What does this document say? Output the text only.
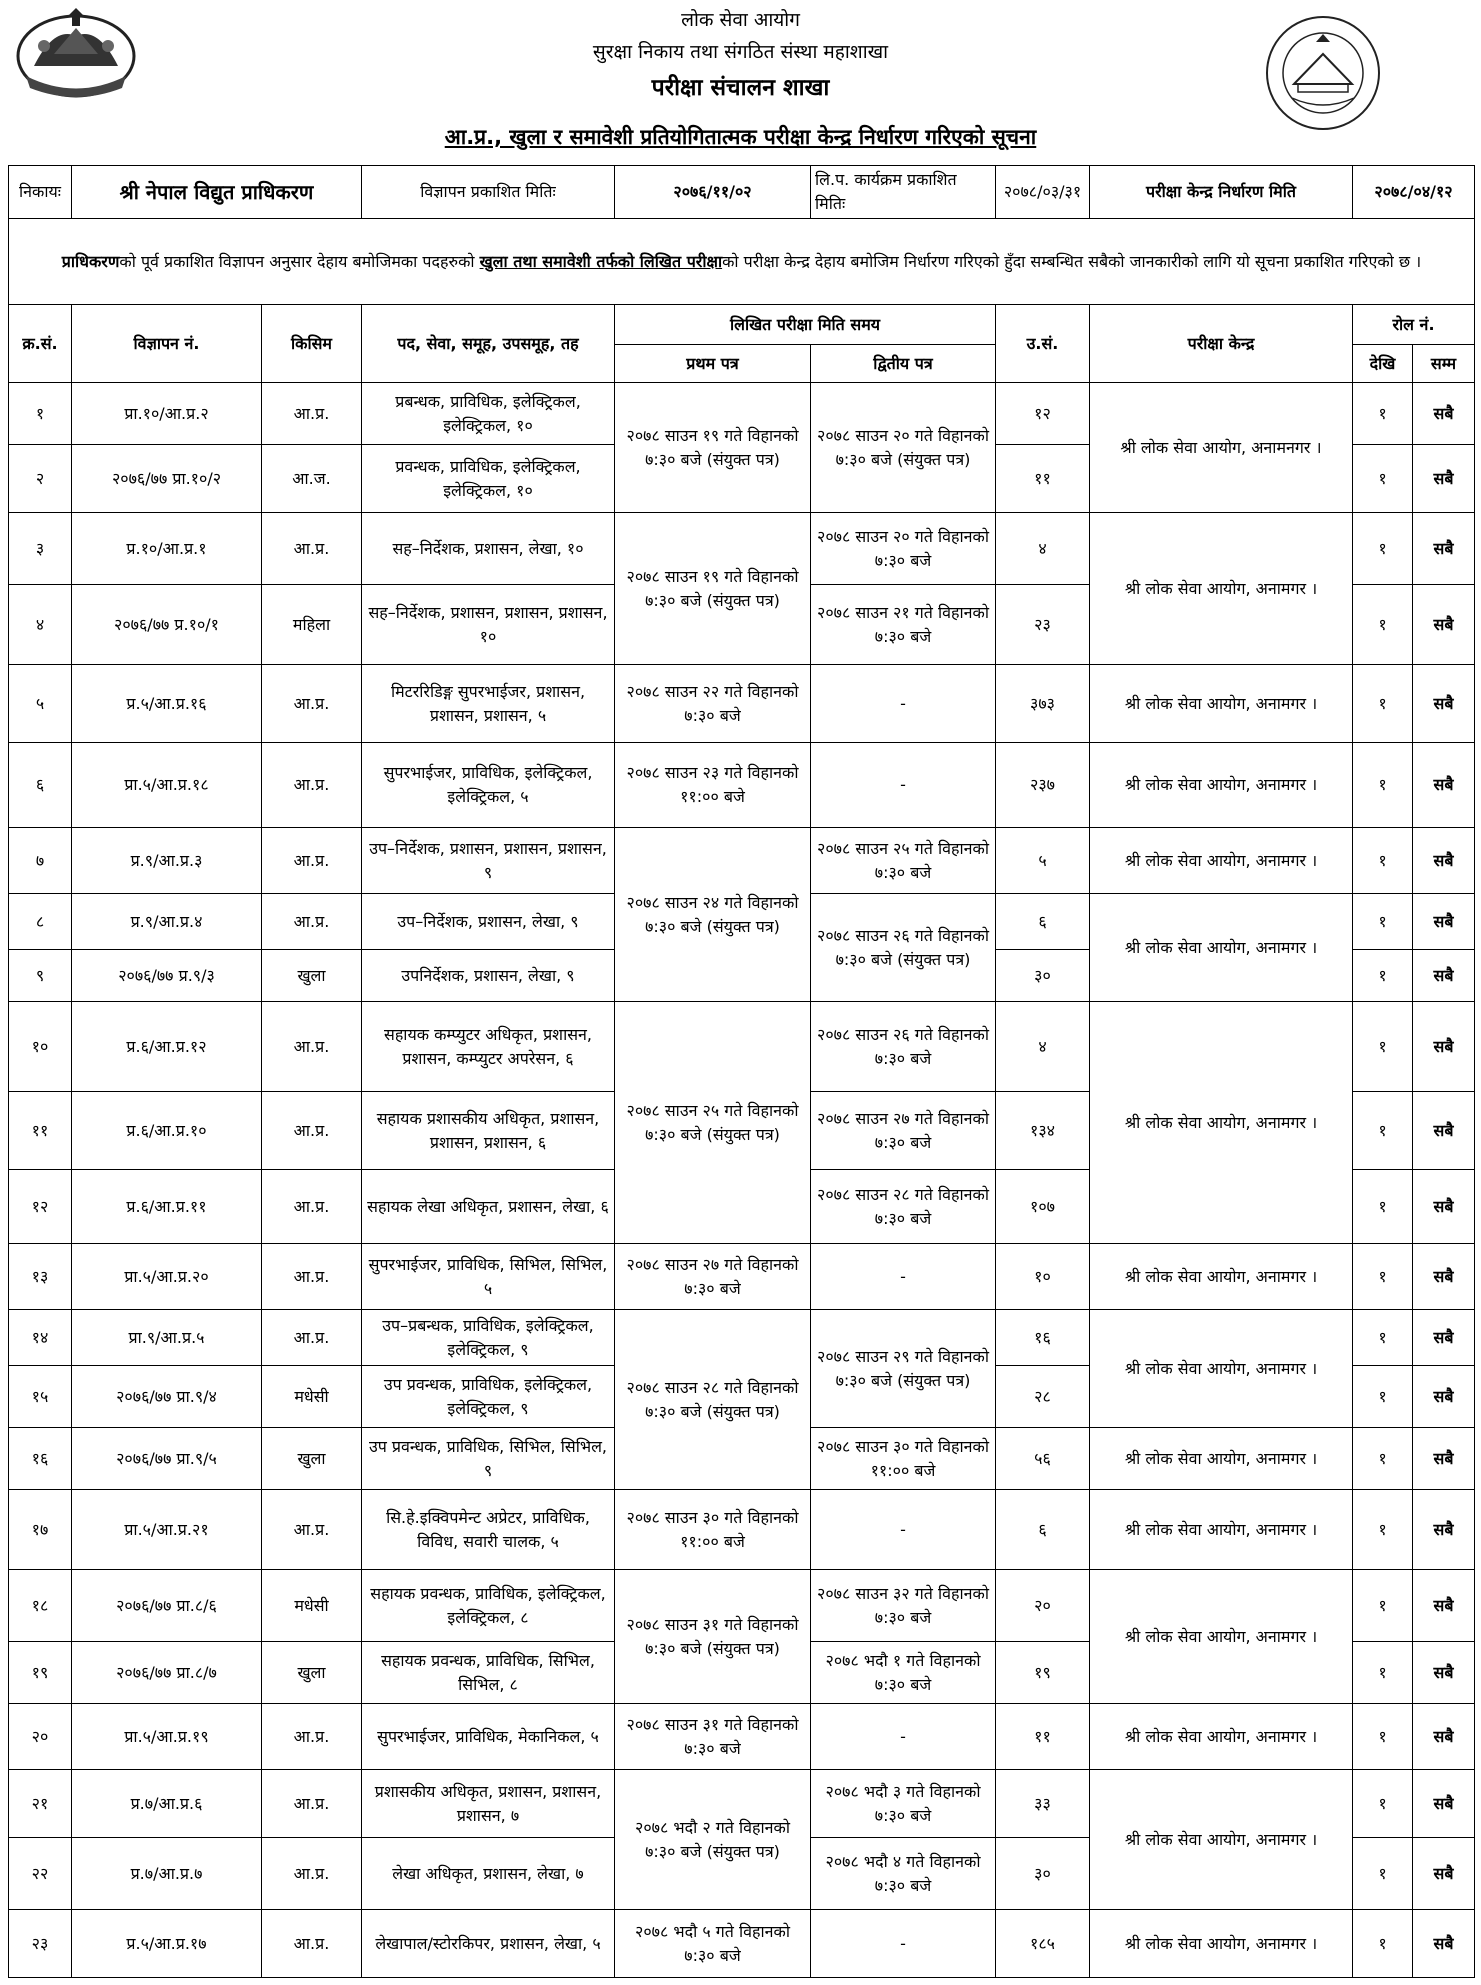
लोक सेवा आयोग
सुरक्षा निकाय तथा संगठित संस्था महाशाखा
परीक्षा संचालन शाखा
आ.प्र., खुला र समावेशी प्रतियोगितात्मक परीक्षा केन्द्र निर्धारण गरिएको सूचना
निकायः	श्री नेपाल विद्युत प्राधिकरण		विज्ञापन प्रकाशित मितिः	२०७६/११/०२	लि.प. कार्यक्रम प्रकाशित मितिः	२०७८/०३/३१	परीक्षा केन्द्र निर्धारण मिति	२०७८/०४/१२	
प्राधिकरणको पूर्व प्रकाशित विज्ञापन अनुसार देहाय बमोजिमका पदहरुको खुला तथा समावेशी तर्फको लिखित परीक्षाको परीक्षा केन्द्र देहाय बमोजिम निर्धारण गरिएको हुँदा सम्बन्धित सबैको जानकारीको लागि यो सूचना प्रकाशित गरिएको छ ।									
क्र.सं.	विज्ञापन नं.	किसिम	पद, सेवा, समूह, उपसमूह, तह	लिखित परीक्षा मिति समय		उ.सं.	परीक्षा केन्द्र	रोल नं.	
				प्रथम पत्र	द्वितीय पत्र			देखि	सम्म
१	प्रा.१०/आ.प्र.२	आ.प्र.	प्रबन्धक, प्राविधिक, इलेक्ट्रिकल, इलेक्ट्रिकल, १०	२०७८ साउन १९ गते विहानको ७:३० बजे (संयुक्त पत्र)	२०७८ साउन २० गते विहानको ७:३० बजे (संयुक्त पत्र)	१२	श्री लोक सेवा आयोग, अनामनगर ।	१	सबै
२	२०७६/७७ प्रा.१०/२	आ.ज.	प्रवन्धक, प्राविधिक, इलेक्ट्रिकल, इलेक्ट्रिकल, १०			११		१	सबै
३	प्र.१०/आ.प्र.१	आ.प्र.	सह–निर्देशक, प्रशासन, लेखा, १०	२०७८ साउन १९ गते विहानको ७:३० बजे (संयुक्त पत्र)	२०७८ साउन २० गते विहानको ७:३० बजे	४	श्री लोक सेवा आयोग, अनामगर ।	१	सबै
४	२०७६/७७ प्र.१०/१	महिला	सह–निर्देशक, प्रशासन, प्रशासन, प्रशासन, १०		२०७८ साउन २१ गते विहानको ७:३० बजे	२३		१	सबै
५	प्र.५/आ.प्र.१६	आ.प्र.	मिटररिडिङ्ग सुपरभाईजर, प्रशासन, प्रशासन, प्रशासन, ५	२०७८ साउन २२ गते विहानको ७:३० बजे	-	३७३	श्री लोक सेवा आयोग, अनामगर ।	१	सबै
६	प्रा.५/आ.प्र.१८	आ.प्र.	सुपरभाईजर, प्राविधिक, इलेक्ट्रिकल, इलेक्ट्रिकल, ५	२०७८ साउन २३ गते विहानको ११:०० बजे	-	२३७	श्री लोक सेवा आयोग, अनामगर ।	१	सबै
७	प्र.९/आ.प्र.३	आ.प्र.	उप–निर्देशक, प्रशासन, प्रशासन, प्रशासन, ९	२०७८ साउन २४ गते विहानको ७:३० बजे (संयुक्त पत्र)	२०७८ साउन २५ गते विहानको ७:३० बजे	५	श्री लोक सेवा आयोग, अनामगर ।	१	सबै
८	प्र.९/आ.प्र.४	आ.प्र.	उप–निर्देशक, प्रशासन, लेखा, ९		२०७८ साउन २६ गते विहानको ७:३० बजे (संयुक्त पत्र)	६	श्री लोक सेवा आयोग, अनामगर ।	१	सबै
९	२०७६/७७ प्र.९/३	खुला	उपनिर्देशक, प्रशासन, लेखा, ९			३०		१	सबै
१०	प्र.६/आ.प्र.१२	आ.प्र.	सहायक कम्प्युटर अधिकृत, प्रशासन, प्रशासन, कम्प्युटर अपरेसन, ६	२०७८ साउन २५ गते विहानको ७:३० बजे (संयुक्त पत्र)	२०७८ साउन २६ गते विहानको ७:३० बजे	४	श्री लोक सेवा आयोग, अनामगर ।	१	सबै
११	प्र.६/आ.प्र.१०	आ.प्र.	सहायक प्रशासकीय अधिकृत, प्रशासन, प्रशासन, प्रशासन, ६		२०७८ साउन २७ गते विहानको ७:३० बजे	१३४		१	सबै
१२	प्र.६/आ.प्र.११	आ.प्र.	सहायक लेखा अधिकृत, प्रशासन, लेखा, ६		२०७८ साउन २८ गते विहानको ७:३० बजे	१०७		१	सबै
१३	प्रा.५/आ.प्र.२०	आ.प्र.	सुपरभाईजर, प्राविधिक, सिभिल, सिभिल, ५	२०७८ साउन २७ गते विहानको ७:३० बजे	-	१०	श्री लोक सेवा आयोग, अनामगर ।	१	सबै
१४	प्रा.९/आ.प्र.५	आ.प्र.	उप–प्रबन्धक, प्राविधिक, इलेक्ट्रिकल, इलेक्ट्रिकल, ९	२०७८ साउन २८ गते विहानको ७:३० बजे (संयुक्त पत्र)	२०७८ साउन २९ गते विहानको ७:३० बजे (संयुक्त पत्र)	१६	श्री लोक सेवा आयोग, अनामगर ।	१	सबै
१५	२०७६/७७ प्रा.९/४	मधेसी	उप प्रवन्धक, प्राविधिक, इलेक्ट्रिकल, इलेक्ट्रिकल, ९			२८		१	सबै
१६	२०७६/७७ प्रा.९/५	खुला	उप प्रवन्धक, प्राविधिक, सिभिल, सिभिल, ९		२०७८ साउन ३० गते विहानको ११:०० बजे	५६	श्री लोक सेवा आयोग, अनामगर ।	१	सबै
१७	प्रा.५/आ.प्र.२१	आ.प्र.	सि.हे.इक्विपमेन्ट अप्रेटर, प्राविधिक, विविध, सवारी चालक, ५	२०७८ साउन ३० गते विहानको ११:०० बजे	-	६	श्री लोक सेवा आयोग, अनामगर ।	१	सबै
१८	२०७६/७७ प्रा.८/६	मधेसी	सहायक प्रवन्धक, प्राविधिक, इलेक्ट्रिकल, इलेक्ट्रिकल, ८	२०७८ साउन ३१ गते विहानको ७:३० बजे (संयुक्त पत्र)	२०७८ साउन ३२ गते विहानको ७:३० बजे	२०	श्री लोक सेवा आयोग, अनामगर ।	१	सबै
१९	२०७६/७७ प्रा.८/७	खुला	सहायक प्रवन्धक, प्राविधिक, सिभिल, सिभिल, ८		२०७८ भदौ १ गते विहानको ७:३० बजे	१९		१	सबै
२०	प्रा.५/आ.प्र.१९	आ.प्र.	सुपरभाईजर, प्राविधिक, मेकानिकल, ५	२०७८ साउन ३१ गते विहानको ७:३० बजे	-	११	श्री लोक सेवा आयोग, अनामगर ।	१	सबै
२१	प्र.७/आ.प्र.६	आ.प्र.	प्रशासकीय अधिकृत, प्रशासन, प्रशासन, प्रशासन, ७	२०७८ भदौ २ गते विहानको ७:३० बजे (संयुक्त पत्र)	२०७८ भदौ ३ गते विहानको ७:३० बजे	३३	श्री लोक सेवा आयोग, अनामगर ।	१	सबै
२२	प्र.७/आ.प्र.७	आ.प्र.	लेखा अधिकृत, प्रशासन, लेखा, ७		२०७८ भदौ ४ गते विहानको ७:३० बजे	३०		१	सबै
२३	प्र.५/आ.प्र.१७	आ.प्र.	लेखापाल/स्टोरकिपर, प्रशासन, लेखा, ५	२०७८ भदौ ५ गते विहानको ७:३० बजे	-	१८५	श्री लोक सेवा आयोग, अनामगर ।	१	सबै
